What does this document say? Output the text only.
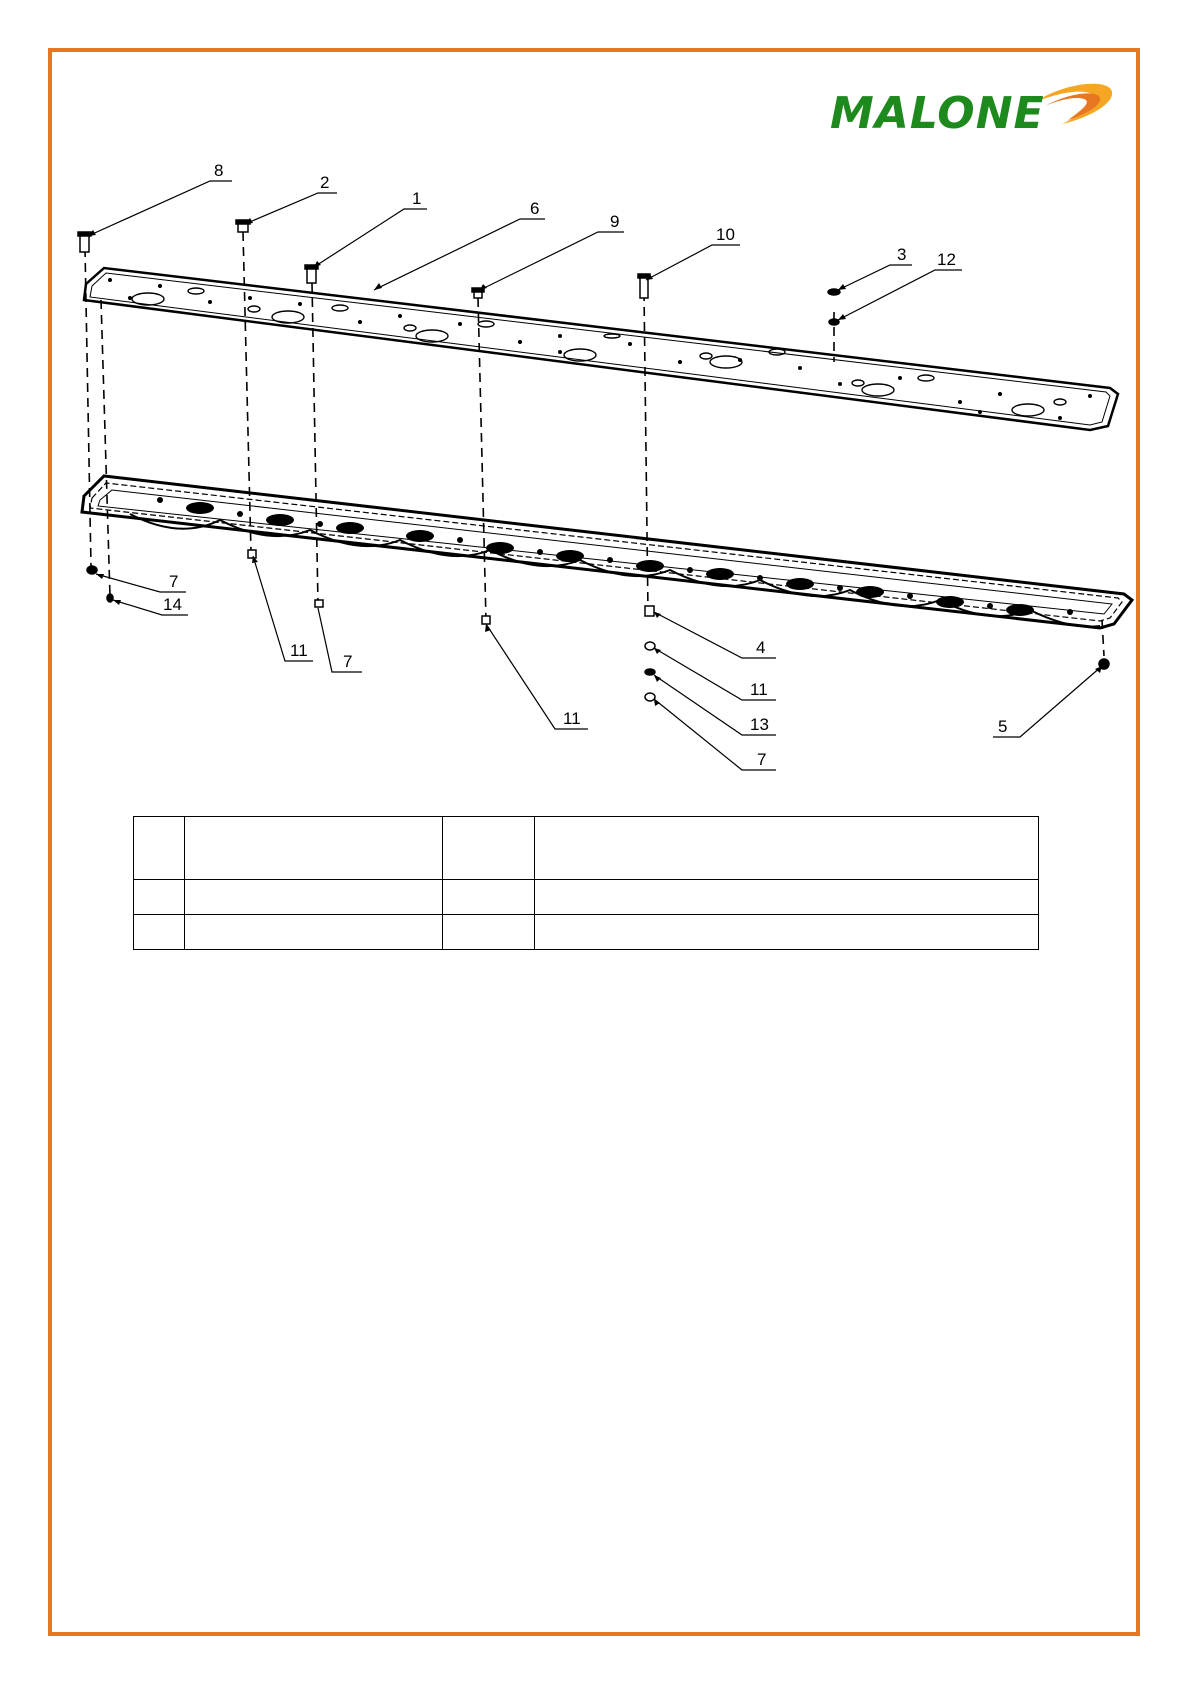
MALONE
8
2
1
6
9
10
3 12
7
14
11
7
11
4
11
13
7
5
